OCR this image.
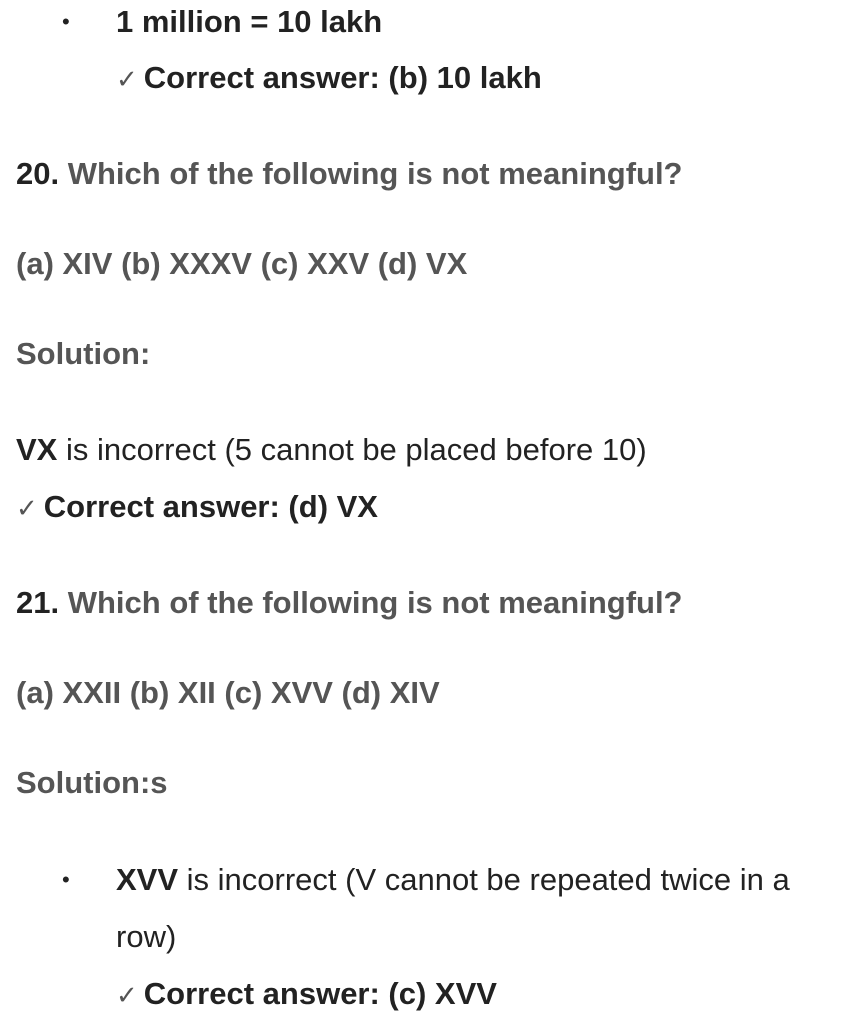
• 1 million = 10 lakh
✓ Correct answer: (b) 10 lakh
20. Which of the following is not meaningful?
(a) XIV (b) XXXV (c) XXV (d) VX
Solution:
VX is incorrect (5 cannot be placed before 10)
✓ Correct answer: (d) VX
21. Which of the following is not meaningful?
(a) XXII (b) XII (c) XVV (d) XIV
Solution:s
• XVV is incorrect (V cannot be repeated twice in a
row)
✓ Correct answer: (c) XVV
